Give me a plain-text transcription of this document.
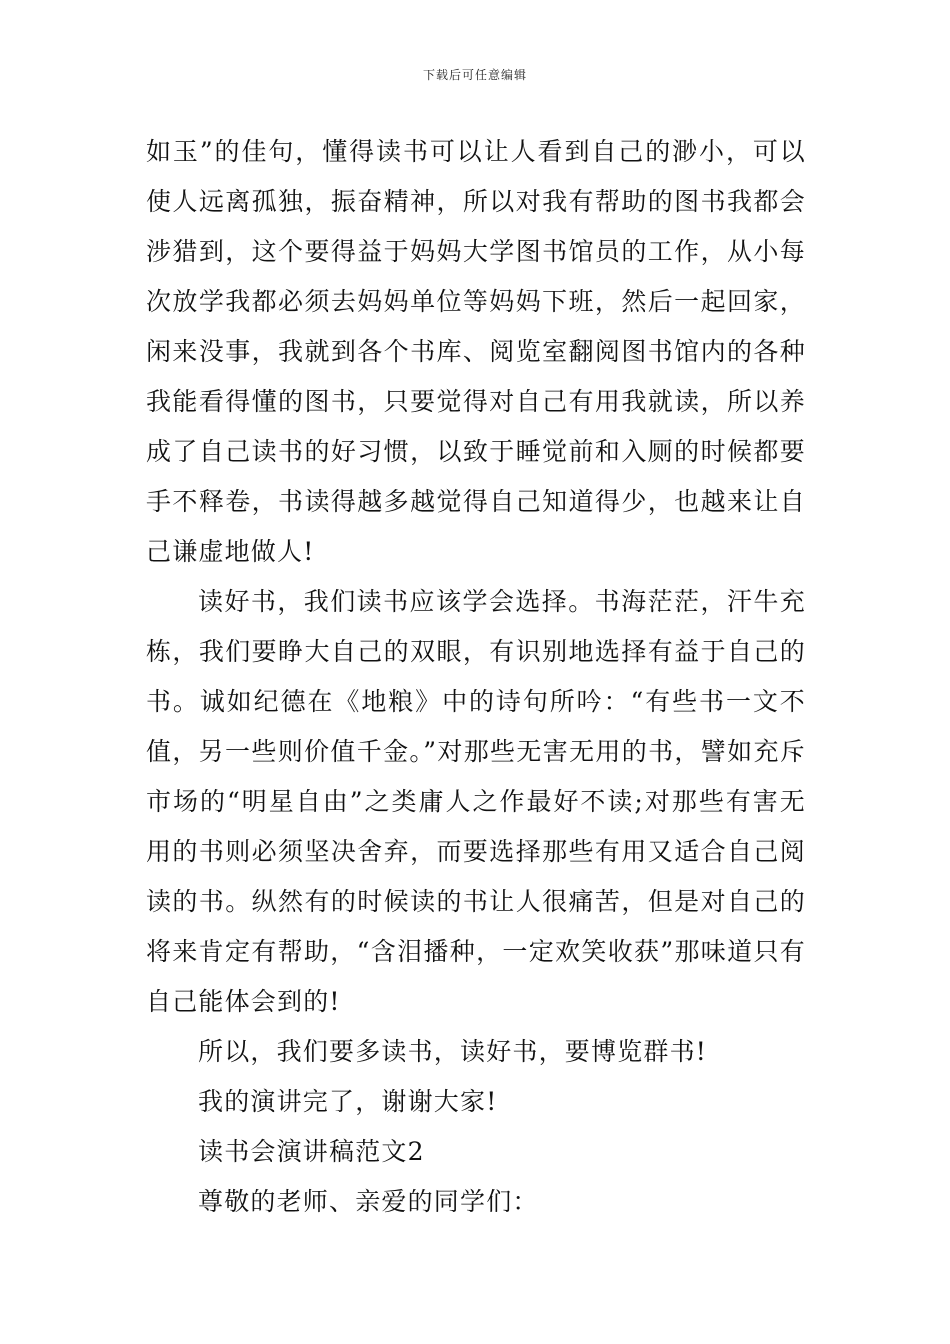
下载后可任意编辑

如玉”的佳句，懂得读书可以让人看到自己的渺小，可以使人远离孤独，振奋精神，所以对我有帮助的图书我都会涉猎到，这个要得益于妈妈大学图书馆员的工作，从小每次放学我都必须去妈妈单位等妈妈下班，然后一起回家，闲来没事，我就到各个书库、阅览室翻阅图书馆内的各种我能看得懂的图书，只要觉得对自己有用我就读，所以养成了自己读书的好习惯，以致于睡觉前和入厕的时候都要手不释卷，书读得越多越觉得自己知道得少，也越来让自己谦虚地做人!

读好书，我们读书应该学会选择。书海茫茫，汗牛充栋，我们要睁大自己的双眼，有识别地选择有益于自己的书。诚如纪德在《地粮》中的诗句所吟：“有些书一文不值，另一些则价值千金。”对那些无害无用的书，譬如充斥市场的“明星自由”之类庸人之作最好不读;对那些有害无用的书则必须坚决舍弃，而要选择那些有用又适合自己阅读的书。纵然有的时候读的书让人很痛苦，但是对自己的将来肯定有帮助，“含泪播种，一定欢笑收获”那味道只有自己能体会到的!

所以，我们要多读书，读好书，要博览群书!

我的演讲完了，谢谢大家!

读书会演讲稿范文2

尊敬的老师、亲爱的同学们：
